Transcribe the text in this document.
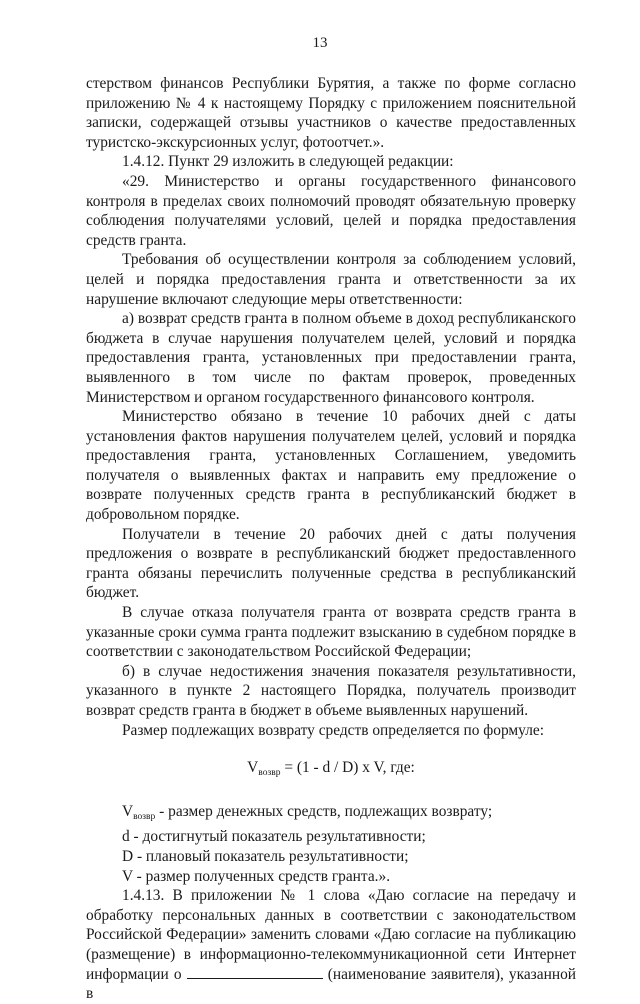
13

стерством финансов Республики Бурятия, а также по форме согласно приложению № 4 к настоящему Порядку с приложением пояснительной записки, содержащей отзывы участников о качестве предоставленных туристско-экскурсионных услуг, фотоотчет.».

1.4.12. Пункт 29 изложить в следующей редакции:

«29. Министерство и органы государственного финансового контроля в пределах своих полномочий проводят обязательную проверку соблюдения получателями условий, целей и порядка предоставления средств гранта.

Требования об осуществлении контроля за соблюдением условий, целей и порядка предоставления гранта и ответственности за их нарушение включают следующие меры ответственности:

а) возврат средств гранта в полном объеме в доход республиканского бюджета в случае нарушения получателем целей, условий и порядка предоставления гранта, установленных при предоставлении гранта, выявленного в том числе по фактам проверок, проведенных Министерством и органом государственного финансового контроля.

Министерство обязано в течение 10 рабочих дней с даты установления фактов нарушения получателем целей, условий и порядка предоставления гранта, установленных Соглашением, уведомить получателя о выявленных фактах и направить ему предложение о возврате полученных средств гранта в республиканский бюджет в добровольном порядке.

Получатели в течение 20 рабочих дней с даты получения предложения о возврате в республиканский бюджет предоставленного гранта обязаны перечислить полученные средства в республиканский бюджет.

В случае отказа получателя гранта от возврата средств гранта в указанные сроки сумма гранта подлежит взысканию в судебном порядке в соответствии с законодательством Российской Федерации;

б) в случае недостижения значения показателя результативности, указанного в пункте 2 настоящего Порядка, получатель производит возврат средств гранта в бюджет в объеме выявленных нарушений.

Размер подлежащих возврату средств определяется по формуле:

$V_{возвр} = (1 - d / D)$ x V, где:

$V_{возвр}$ - размер денежных средств, подлежащих возврату;

d - достигнутый показатель результативности;

D - плановый показатель результативности;

V - размер полученных средств гранта.».

1.4.13. В приложении № 1 слова «Даю согласие на передачу и обработку персональных данных в соответствии с законодательством Российской Федерации» заменить словами «Даю согласие на публикацию (размещение) в информационно-телекоммуникационной сети Интернет информации о	(наименование заявителя), указанной в
